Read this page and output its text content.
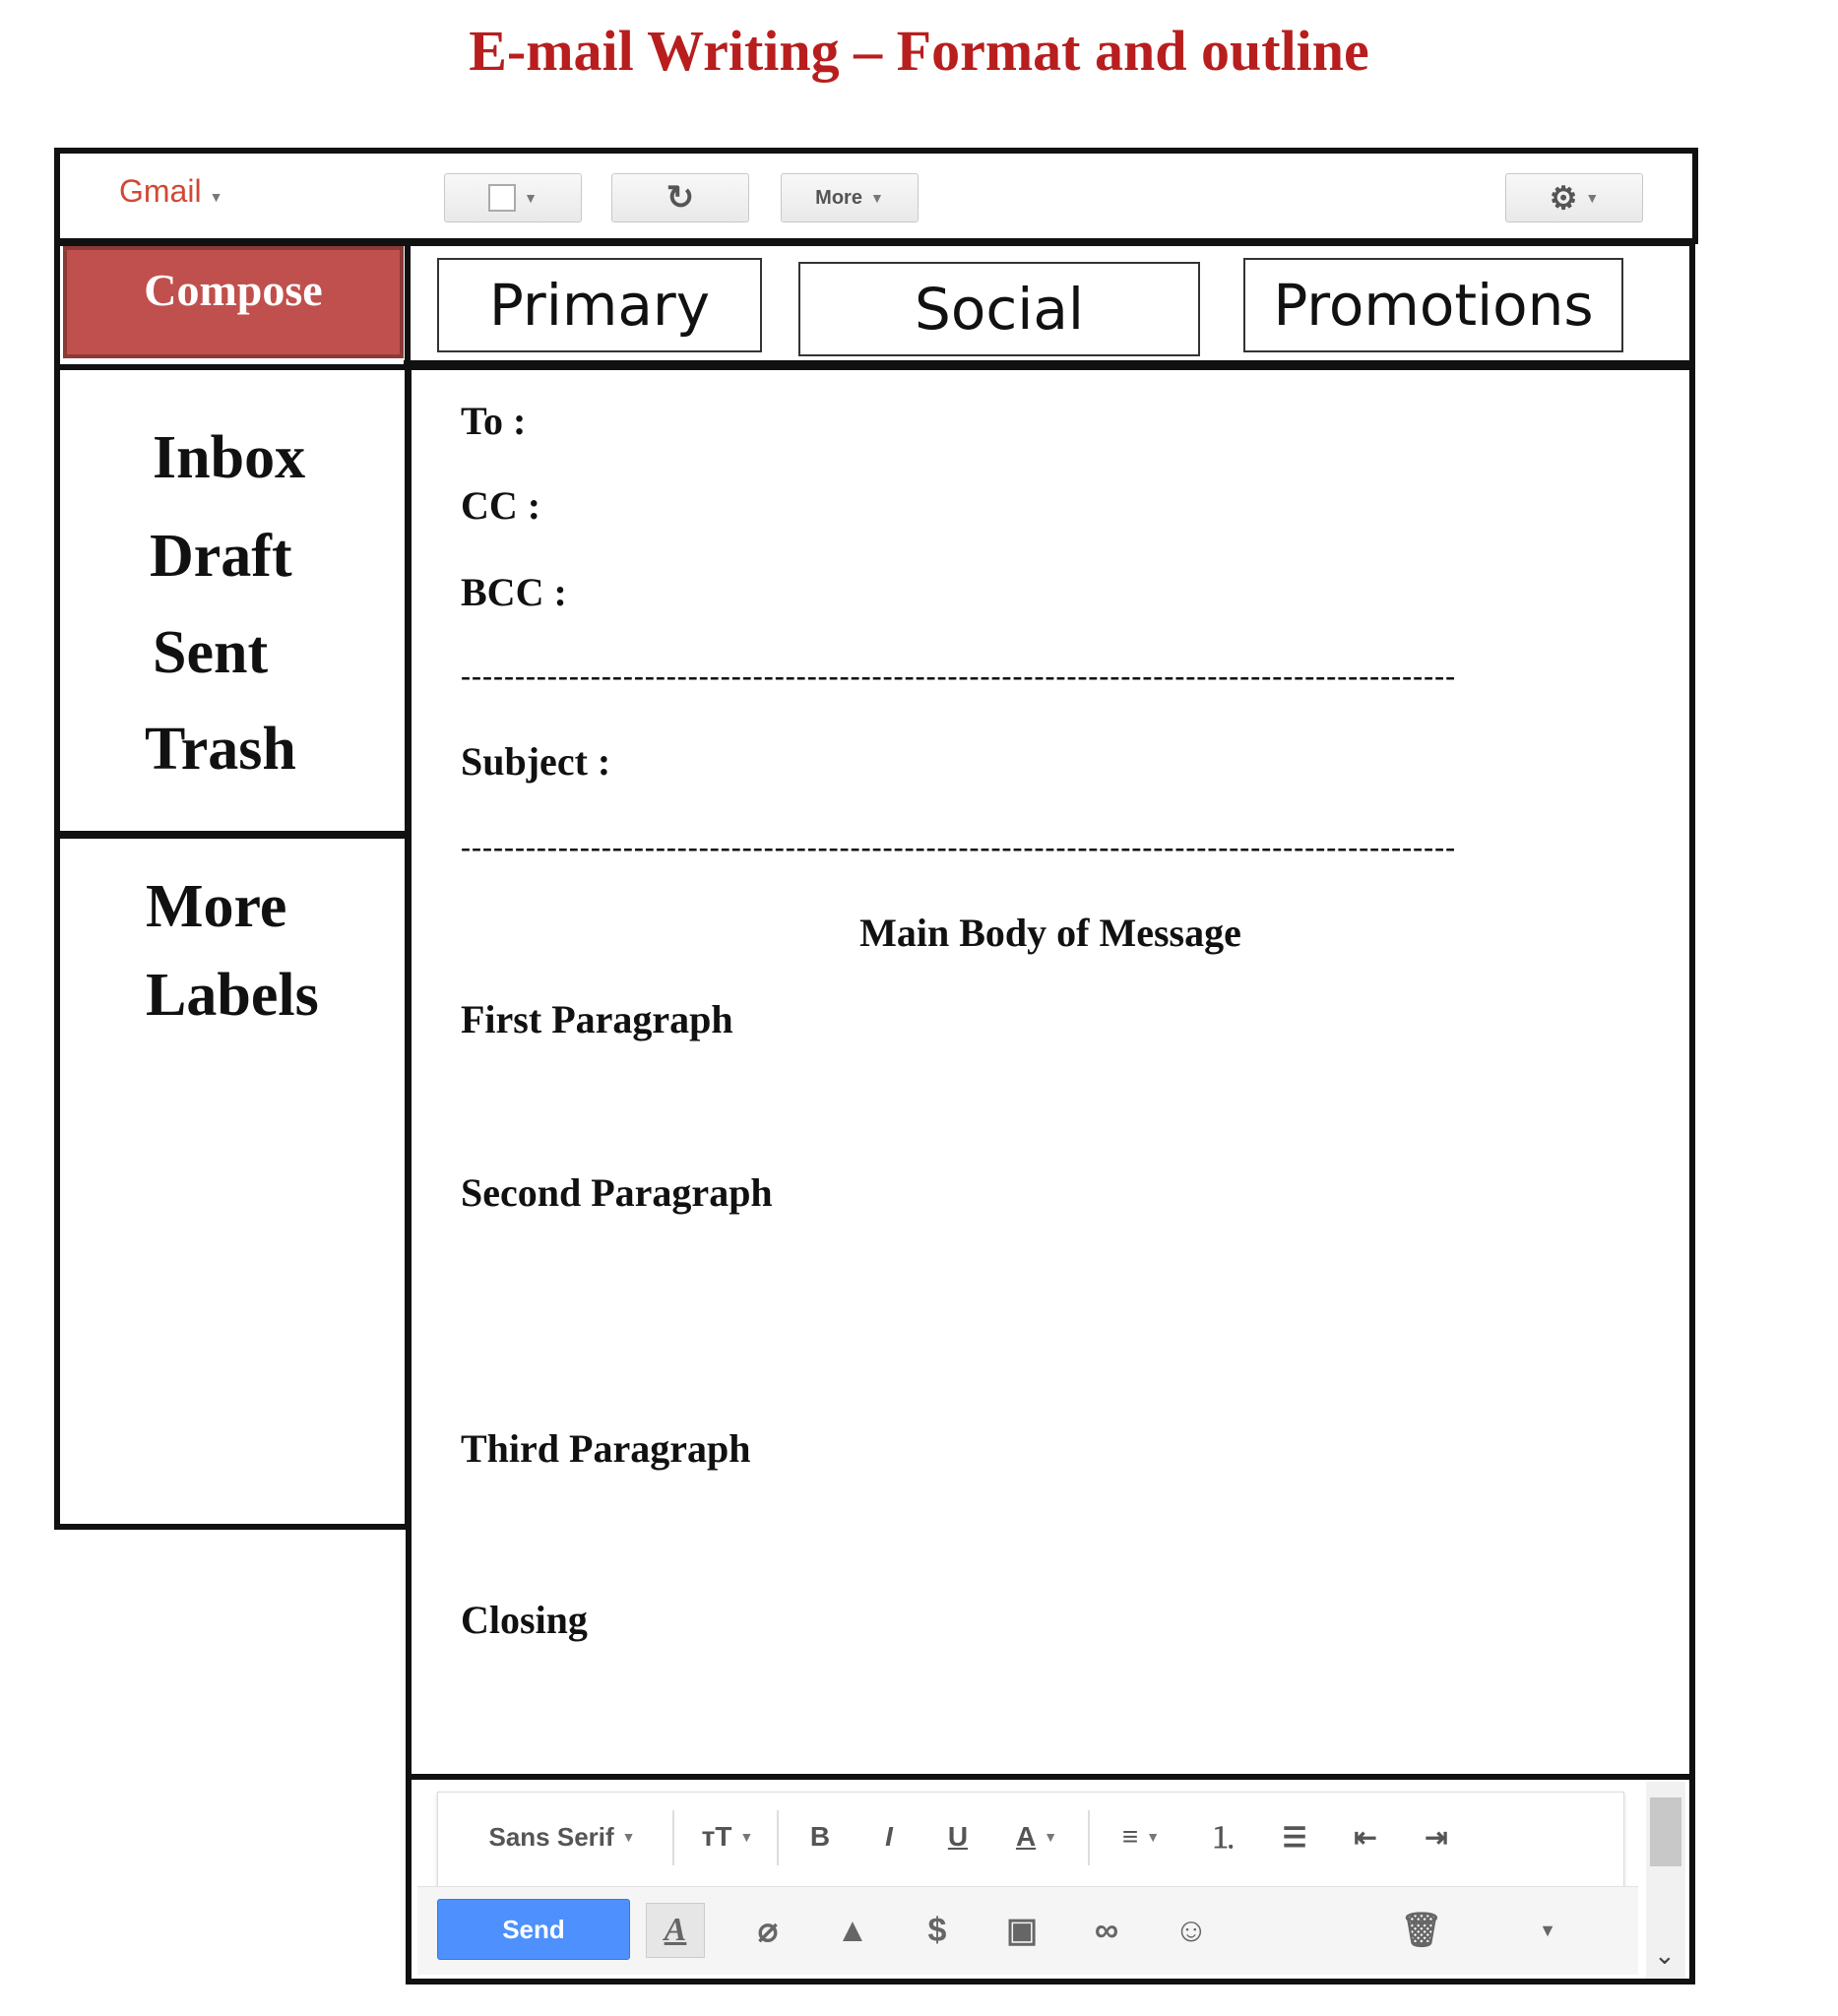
E-mail Writing – Format and outline
Gmail ▼	▼	↻	More ▼	⚙ ▼
Compose	Primary	Social	Promotions
Inbox
Draft
Sent
Trash
More
Labels
To :
CC :
BCC :
--------------------------------------------------------------------------------------------
Subject :
--------------------------------------------------------------------------------------------
Main Body of Message
First Paragraph
Second Paragraph
Third Paragraph
Closing
Sans Serif ▼	ᴛT ▼	B	I	U	A ▼	≡ ▼	⒈	☰	⇤	⇥
Send	A	⌀	▲	$	▣	∞	☺	🗑	▼
⌄
